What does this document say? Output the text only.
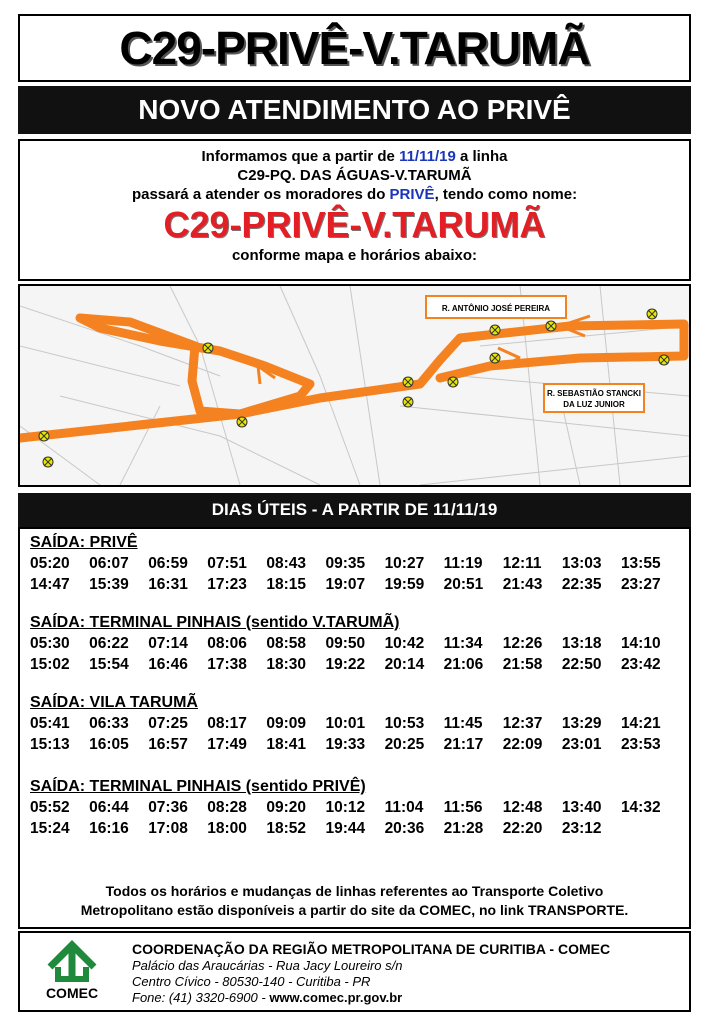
C29-PRIVÊ-V.TARUMÃ
NOVO ATENDIMENTO AO PRIVÊ
Informamos que a partir de 11/11/19 a linha
C29-PQ. DAS ÁGUAS-V.TARUMÃ
passará a atender os moradores do PRIVÊ, tendo como nome:
C29-PRIVÊ-V.TARUMÃ
conforme mapa e horários abaixo:
R. ANTÔNIO JOSÉ PEREIRA
R. SEBASTIÃO STANCKI
DA LUZ JUNIOR
DIAS ÚTEIS - A PARTIR DE 11/11/19
SAÍDA: PRIVÊ
05:20	06:07	06:59	07:51	08:43	09:35	10:27	11:19	12:11	13:03	13:55
14:47	15:39	16:31	17:23	18:15	19:07	19:59	20:51	21:43	22:35	23:27
SAÍDA: TERMINAL PINHAIS (sentido V.TARUMÃ)
05:30	06:22	07:14	08:06	08:58	09:50	10:42	11:34	12:26	13:18	14:10
15:02	15:54	16:46	17:38	18:30	19:22	20:14	21:06	21:58	22:50	23:42
SAÍDA: VILA TARUMÃ
05:41	06:33	07:25	08:17	09:09	10:01	10:53	11:45	12:37	13:29	14:21
15:13	16:05	16:57	17:49	18:41	19:33	20:25	21:17	22:09	23:01	23:53
SAÍDA: TERMINAL PINHAIS (sentido PRIVÊ)
05:52	06:44	07:36	08:28	09:20	10:12	11:04	11:56	12:48	13:40	14:32
15:24	16:16	17:08	18:00	18:52	19:44	20:36	21:28	22:20	23:12
Todos os horários e mudanças de linhas referentes ao Transporte Coletivo
Metropolitano estão disponíveis a partir do site da COMEC, no link TRANSPORTE.
COMEC
COORDENAÇÃO DA REGIÃO METROPOLITANA DE CURITIBA - COMEC
Palácio das Araucárias - Rua Jacy Loureiro s/n
Centro Cívico - 80530-140 - Curitiba - PR
Fone: (41) 3320-6900 - www.comec.pr.gov.br
